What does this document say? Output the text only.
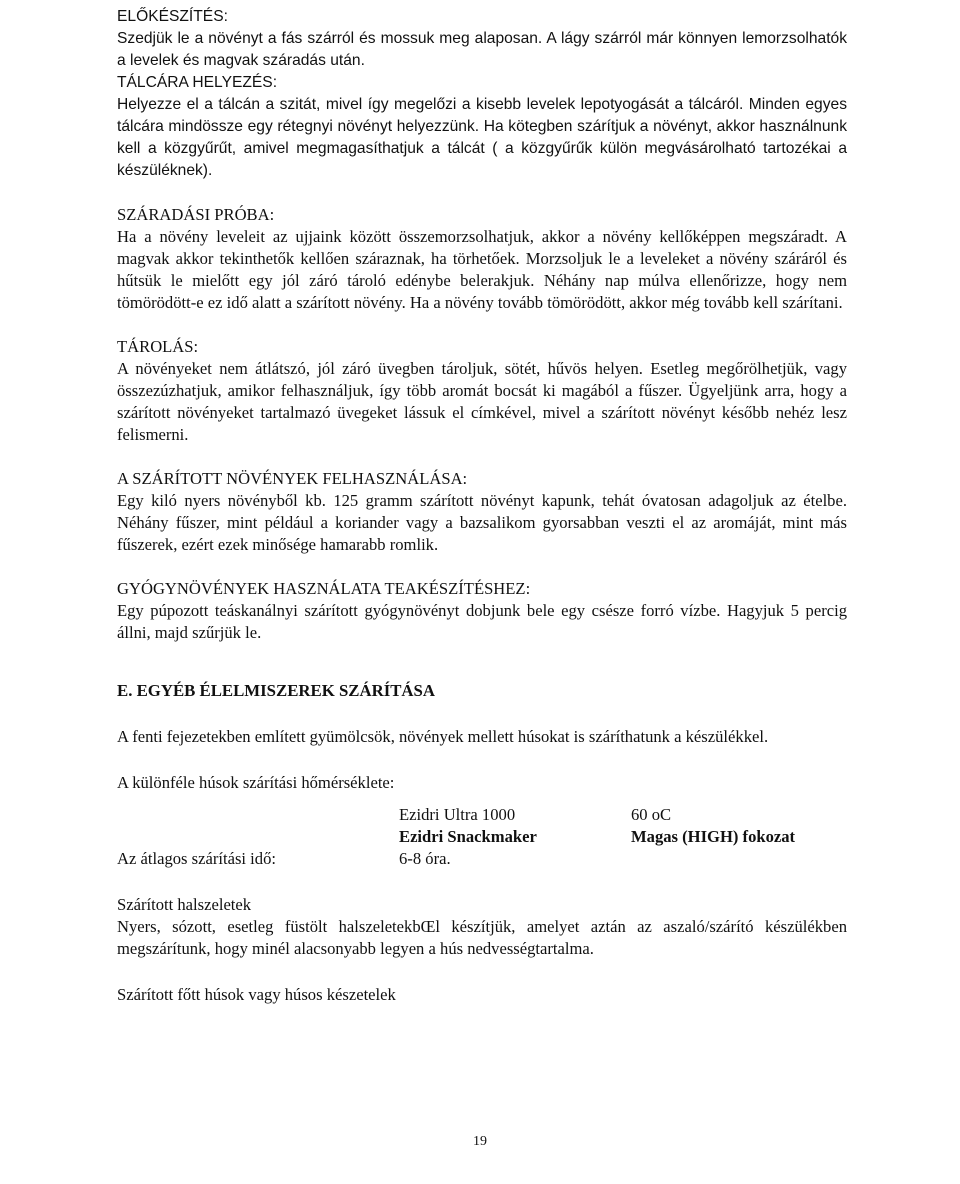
ELŐKÉSZÍTÉS:

Szedjük le a növényt a fás szárról és mossuk meg alaposan. A lágy szárról már könnyen lemorzsolhatók a levelek és magvak száradás után.

TÁLCÁRA HELYEZÉS:

Helyezze el a tálcán a szitát, mivel így megelőzi a kisebb levelek lepotyogását a tálcáról. Minden egyes tálcára mindössze egy rétegnyi növényt helyezzünk. Ha kötegben szárítjuk a növényt, akkor használnunk kell a közgyűrűt, amivel megmagasíthatjuk a tálcát ( a közgyűrűk külön megvásárolható tartozékai a készüléknek).

SZÁRADÁSI PRÓBA:

Ha a növény leveleit az ujjaink között összemorzsolhatjuk, akkor a növény kellőképpen megszáradt. A magvak akkor tekinthetők kellően száraznak, ha törhetőek. Morzsoljuk le a leveleket a növény száráról és hűtsük le mielőtt egy jól záró tároló edénybe belerakjuk. Néhány nap múlva ellenőrizze, hogy nem tömörödött-e ez idő alatt a szárított növény. Ha a növény tovább tömörödött, akkor még tovább kell szárítani.

TÁROLÁS:

A növényeket nem átlátszó, jól záró üvegben tároljuk, sötét, hűvös helyen. Esetleg megőrölhetjük, vagy összezúzhatjuk, amikor felhasználjuk, így több aromát bocsát ki magából a fűszer. Ügyeljünk arra, hogy a szárított növényeket tartalmazó üvegeket lássuk el címkével, mivel a szárított növényt később nehéz lesz felismerni.

A SZÁRÍTOTT NÖVÉNYEK FELHASZNÁLÁSA:

Egy kiló nyers növényből kb. 125 gramm szárított növényt kapunk, tehát óvatosan adagoljuk az ételbe. Néhány fűszer, mint például a koriander vagy a bazsalikom gyorsabban veszti el az aromáját, mint más fűszerek, ezért ezek minősége hamarabb romlik.

GYÓGYNÖVÉNYEK HASZNÁLATA TEAKÉSZÍTÉSHEZ:

Egy púpozott teáskanálnyi szárított gyógynövényt dobjunk bele egy csésze forró vízbe. Hagyjuk 5 percig állni, majd szűrjük le.

E. EGYÉB ÉLELMISZEREK SZÁRÍTÁSA

A fenti fejezetekben említett gyümölcsök, növények mellett húsokat is száríthatunk a készülékkel.

A különféle húsok szárítási hőmérséklete:

	Ezidri Ultra 1000	60 oC
	Ezidri Snackmaker	Magas (HIGH) fokozat
Az átlagos szárítási idő:	6-8 óra.	

Szárított halszeletek

Nyers, sózott, esetleg füstölt halszeletekbŒl készítjük, amelyet aztán az aszaló/szárító készülékben megszárítunk, hogy minél alacsonyabb legyen a hús nedvességtartalma.

Szárított főtt húsok vagy húsos készetelek

19
